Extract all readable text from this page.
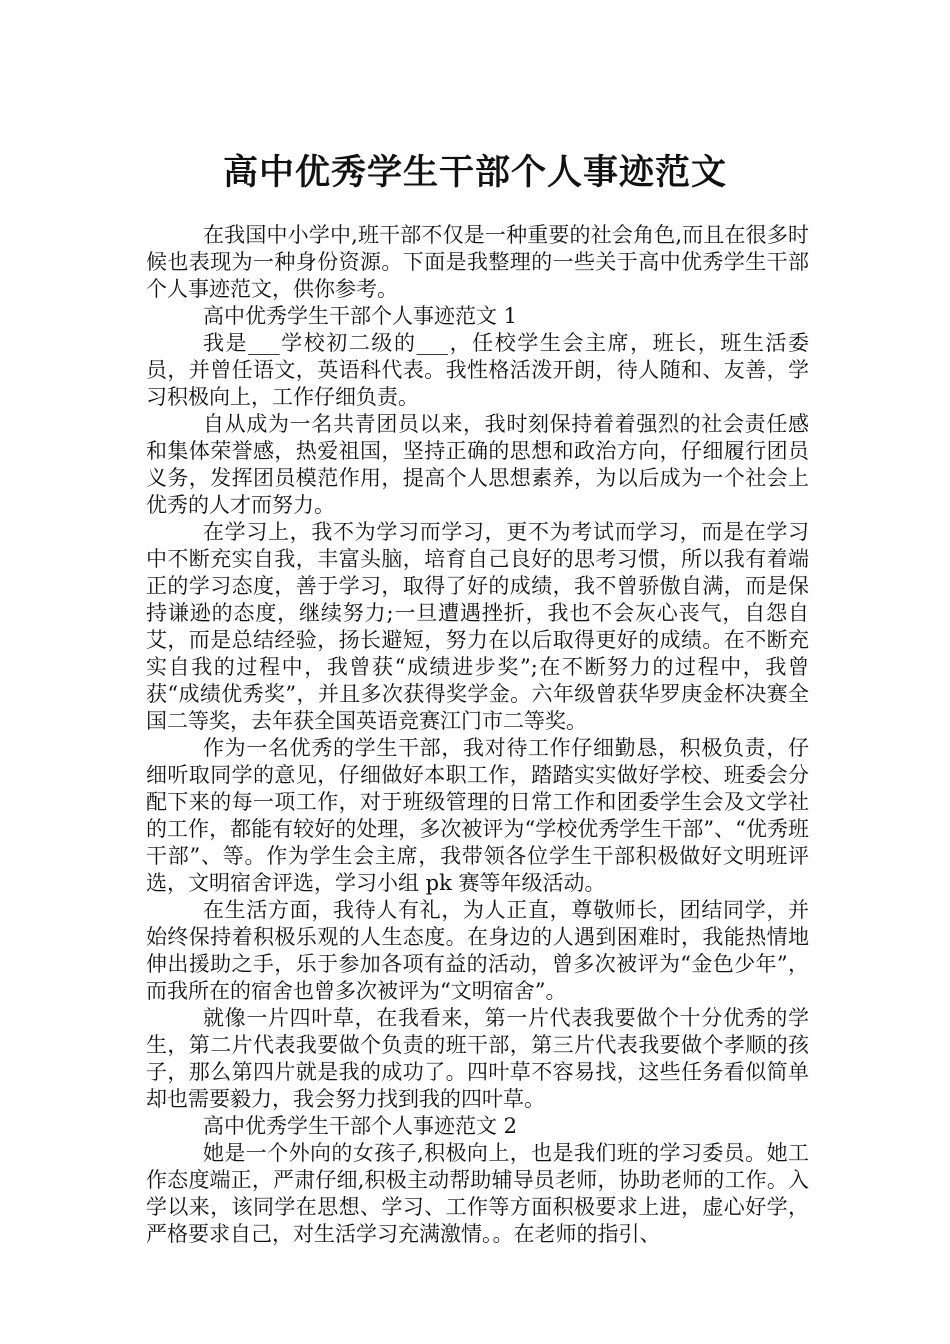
高中优秀学生干部个人事迹范文

在我国中小学中,班干部不仅是一种重要的社会角色,而且在很多时候也表现为一种身份资源。下面是我整理的一些关于高中优秀学生干部个人事迹范文，供你参考。

高中优秀学生干部个人事迹范文 1

我是___学校初二级的___，任校学生会主席，班长，班生活委员，并曾任语文，英语科代表。我性格活泼开朗，待人随和、友善，学习积极向上，工作仔细负责。

自从成为一名共青团员以来，我时刻保持着着强烈的社会责任感和集体荣誉感，热爱祖国，坚持正确的思想和政治方向，仔细履行团员义务，发挥团员模范作用，提高个人思想素养，为以后成为一个社会上优秀的人才而努力。

在学习上，我不为学习而学习，更不为考试而学习，而是在学习中不断充实自我，丰富头脑，培育自己良好的思考习惯，所以我有着端正的学习态度，善于学习，取得了好的成绩，我不曾骄傲自满，而是保持谦逊的态度，继续努力;一旦遭遇挫折，我也不会灰心丧气，自怨自艾，而是总结经验，扬长避短，努力在以后取得更好的成绩。在不断充实自我的过程中，我曾获“成绩进步奖”;在不断努力的过程中，我曾获“成绩优秀奖”，并且多次获得奖学金。六年级曾获华罗庚金杯决赛全国二等奖，去年获全国英语竞赛江门市二等奖。

作为一名优秀的学生干部，我对待工作仔细勤恳，积极负责，仔细听取同学的意见，仔细做好本职工作，踏踏实实做好学校、班委会分配下来的每一项工作，对于班级管理的日常工作和团委学生会及文学社的工作，都能有较好的处理，多次被评为“学校优秀学生干部”、“优秀班干部”、等。作为学生会主席，我带领各位学生干部积极做好文明班评选，文明宿舍评选，学习小组 pk 赛等年级活动。

在生活方面，我待人有礼，为人正直，尊敬师长，团结同学，并始终保持着积极乐观的人生态度。在身边的人遇到困难时，我能热情地伸出援助之手，乐于参加各项有益的活动，曾多次被评为“金色少年”，而我所在的宿舍也曾多次被评为“文明宿舍”。

就像一片四叶草，在我看来，第一片代表我要做个十分优秀的学生，第二片代表我要做个负责的班干部，第三片代表我要做个孝顺的孩子，那么第四片就是我的成功了。四叶草不容易找，这些任务看似简单却也需要毅力，我会努力找到我的四叶草。

高中优秀学生干部个人事迹范文 2

她是一个外向的女孩子,积极向上，也是我们班的学习委员。她工作态度端正，严肃仔细,积极主动帮助辅导员老师，协助老师的工作。入学以来，该同学在思想、学习、工作等方面积极要求上进，虚心好学，严格要求自己，对生活学习充满激情。。在老师的指引、
